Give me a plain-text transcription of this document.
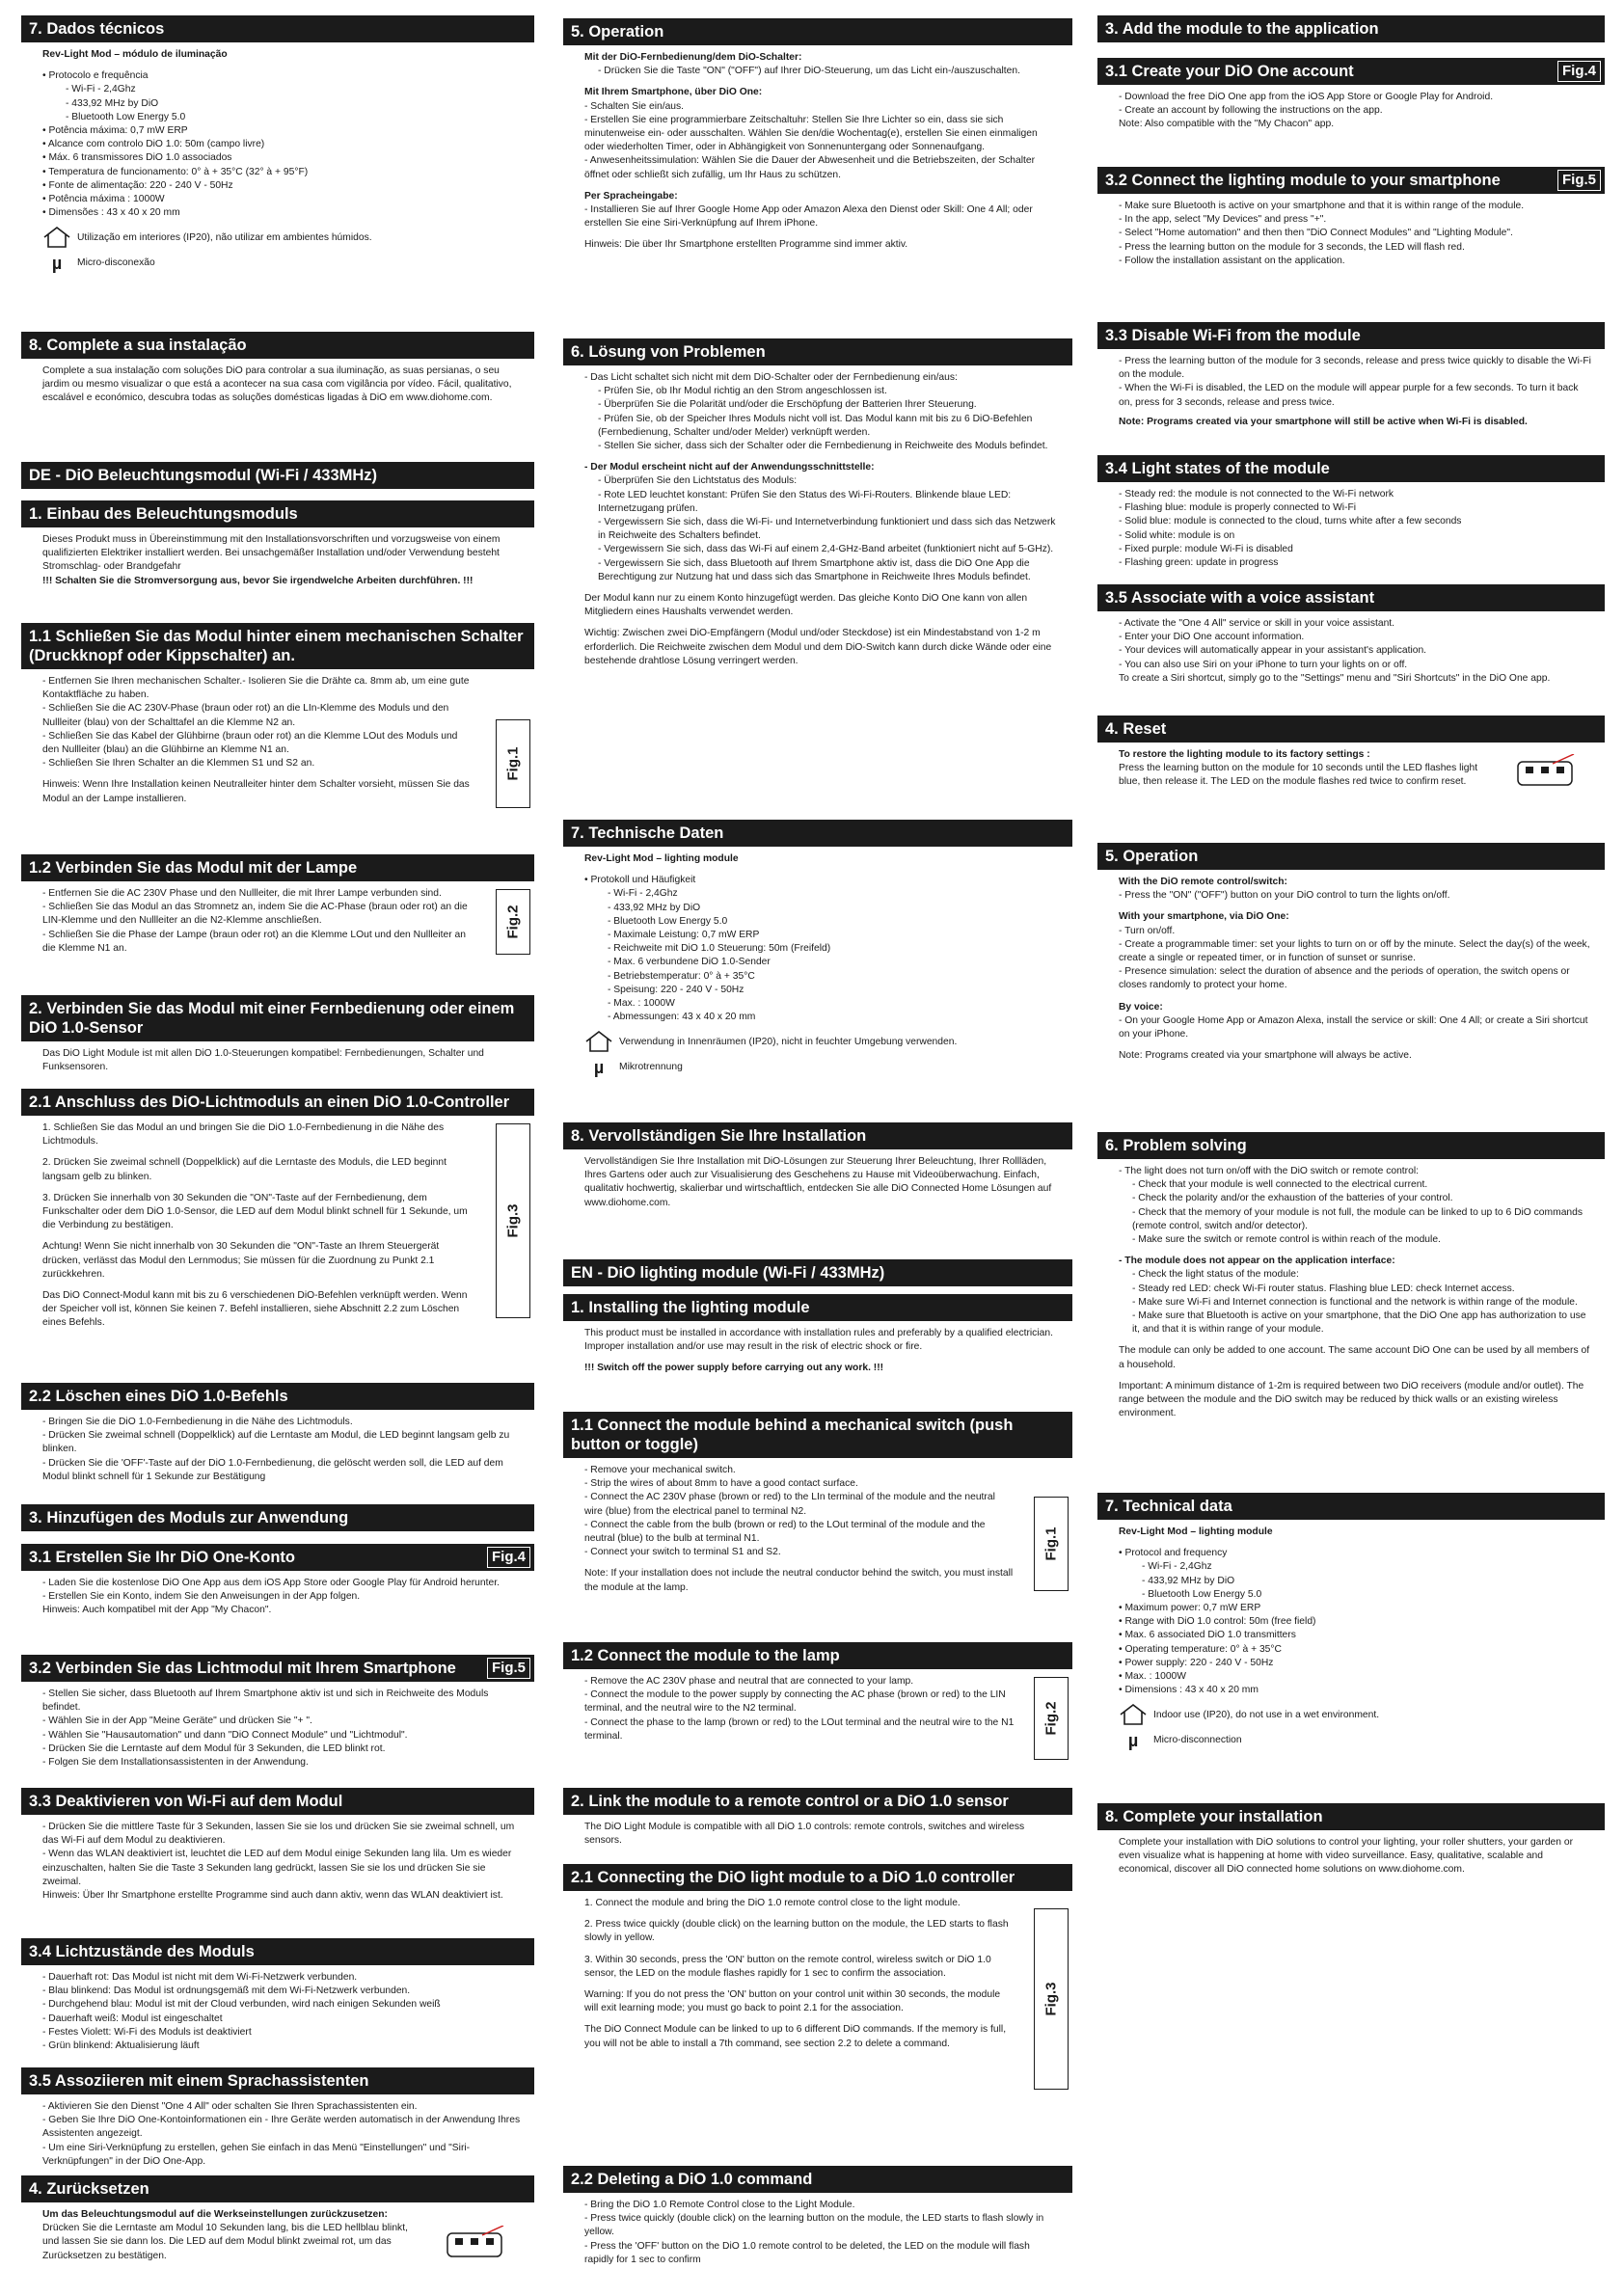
7. Dados técnicos

Rev-Light Mod – módulo de iluminação

• Protocolo e frequência
- Wi-Fi - 2,4Ghz
- 433,92 MHz by DiO
- Bluetooth Low Energy 5.0
• Potência máxima: 0,7 mW ERP
• Alcance com controlo DiO 1.0: 50m (campo livre)
• Máx. 6 transmissores DiO 1.0 associados
• Temperatura de funcionamento: 0° à + 35°C (32° à + 95°F)
• Fonte de alimentação: 220 - 240 V - 50Hz
• Potência máxima : 1000W
• Dimensões : 43 x 40 x 20 mm
Utilização em interiores (IP20), não utilizar em ambientes húmidos.
µ	Micro-disconexão
8. Complete a sua instalação

Complete a sua instalação com soluções DiO para controlar a sua iluminação, as suas persianas, o seu jardim ou mesmo visualizar o que está a acontecer na sua casa com vigilância por vídeo. Fácil, qualitativo, escalável e económico, descubra todas as soluções domésticas ligadas à DiO em www.diohome.com.

DE - DiO Beleuchtungsmodul (Wi-Fi / 433MHz)
1. Einbau des Beleuchtungsmoduls

Dieses Produkt muss in Übereinstimmung mit den Installationsvorschriften und vorzugsweise von einem qualifizierten Elektriker installiert werden. Bei unsachgemäßer Installation und/oder Verwendung besteht Stromschlag- oder Brandgefahr

!!! Schalten Sie die Stromversorgung aus, bevor Sie irgendwelche Arbeiten durchführen. !!!

1.1 Schließen Sie das Modul hinter einem mechanischen Schalter (Druckknopf oder Kippschalter) an.
- Entfernen Sie Ihren mechanischen Schalter.- Isolieren Sie die Drähte ca. 8mm ab, um eine gute Kontaktfläche zu haben.
- Schließen Sie die AC 230V-Phase (braun oder rot) an die LIn-Klemme des Moduls und den Nullleiter (blau) von der Schalttafel an die Klemme N2 an.
- Schließen Sie das Kabel der Glühbirne (braun oder rot) an die Klemme LOut des Moduls und den Nullleiter (blau) an die Glühbirne an Klemme N1 an.
- Schließen Sie Ihren Schalter an die Klemmen S1 und S2 an.

Hinweis: Wenn Ihre Installation keinen Neutralleiter hinter dem Schalter vorsieht, müssen Sie das Modul an der Lampe installieren.

Fig.1
1.2 Verbinden Sie das Modul mit der Lampe
- Entfernen Sie die AC 230V Phase und den Nullleiter, die mit Ihrer Lampe verbunden sind.
- Schließen Sie das Modul an das Stromnetz an, indem Sie die AC-Phase (braun oder rot) an die LIN-Klemme und den Nullleiter an die N2-Klemme anschließen.
- Schließen Sie die Phase der Lampe (braun oder rot) an die Klemme LOut und den Nullleiter an die Klemme N1 an.
Fig.2
2. Verbinden Sie das Modul mit einer Fernbedienung oder einem DiO 1.0-Sensor

Das DiO Light Module ist mit allen DiO 1.0-Steuerungen kompatibel: Fernbedienungen, Schalter und Funksensoren.

2.1 Anschluss des DiO-Lichtmoduls an einen DiO 1.0-Controller
1. Schließen Sie das Modul an und bringen Sie die DiO 1.0-Fernbedienung in die Nähe des Lichtmoduls.
2. Drücken Sie zweimal schnell (Doppelklick) auf die Lerntaste des Moduls, die LED beginnt langsam gelb zu blinken.
3. Drücken Sie innerhalb von 30 Sekunden die "ON"-Taste auf der Fernbedienung, dem Funkschalter oder dem DiO 1.0-Sensor, die LED auf dem Modul blinkt schnell für 1 Sekunde, um die Verbindung zu bestätigen.
Achtung! Wenn Sie nicht innerhalb von 30 Sekunden die "ON"-Taste an Ihrem Steuergerät drücken, verlässt das Modul den Lernmodus; Sie müssen für die Zuordnung zu Punkt 2.1 zurückkehren.
Das DiO Connect-Modul kann mit bis zu 6 verschiedenen DiO-Befehlen verknüpft werden. Wenn der Speicher voll ist, können Sie keinen 7. Befehl installieren, siehe Abschnitt 2.2 zum Löschen eines Befehls.
Fig.3
2.2 Löschen eines DiO 1.0-Befehls
- Bringen Sie die DiO 1.0-Fernbedienung in die Nähe des Lichtmoduls.
- Drücken Sie zweimal schnell (Doppelklick) auf die Lerntaste am Modul, die LED beginnt langsam gelb zu blinken.
- Drücken Sie die 'OFF'-Taste auf der DiO 1.0-Fernbedienung, die gelöscht werden soll, die LED auf dem Modul blinkt schnell für 1 Sekunde zur Bestätigung
3. Hinzufügen des Moduls zur Anwendung
3.1 Erstellen Sie Ihr DiO One-Konto	Fig.4
- Laden Sie die kostenlose DiO One App aus dem iOS App Store oder Google Play für Android herunter.
- Erstellen Sie ein Konto, indem Sie den Anweisungen in der App folgen.
Hinweis: Auch kompatibel mit der App "My Chacon".
3.2 Verbinden Sie das Lichtmodul mit Ihrem Smartphone	Fig.5
- Stellen Sie sicher, dass Bluetooth auf Ihrem Smartphone aktiv ist und sich in Reichweite des Moduls befindet.
- Wählen Sie in der App "Meine Geräte" und drücken Sie "+ ".
- Wählen Sie "Hausautomation" und dann "DiO Connect Module" und "Lichtmodul".
- Drücken Sie die Lerntaste auf dem Modul für 3 Sekunden, die LED blinkt rot.
- Folgen Sie dem Installationsassistenten in der Anwendung.
3.3 Deaktivieren von Wi-Fi auf dem Modul
- Drücken Sie die mittlere Taste für 3 Sekunden, lassen Sie sie los und drücken Sie sie zweimal schnell, um das Wi-Fi auf dem Modul zu deaktivieren.
- Wenn das WLAN deaktiviert ist, leuchtet die LED auf dem Modul einige Sekunden lang lila. Um es wieder einzuschalten, halten Sie die Taste 3 Sekunden lang gedrückt, lassen Sie sie los und drücken Sie sie zweimal.
Hinweis: Über Ihr Smartphone erstellte Programme sind auch dann aktiv, wenn das WLAN deaktiviert ist.
3.4 Lichtzustände des Moduls
- Dauerhaft rot: Das Modul ist nicht mit dem Wi-Fi-Netzwerk verbunden.
- Blau blinkend: Das Modul ist ordnungsgemäß mit dem Wi-Fi-Netzwerk verbunden.
- Durchgehend blau: Modul ist mit der Cloud verbunden, wird nach einigen Sekunden weiß
- Dauerhaft weiß: Modul ist eingeschaltet
- Festes Violett: Wi-Fi des Moduls ist deaktiviert
- Grün blinkend: Aktualisierung läuft
3.5 Assoziieren mit einem Sprachassistenten
- Aktivieren Sie den Dienst "One 4 All" oder schalten Sie Ihren Sprachassistenten ein.
- Geben Sie Ihre DiO One-Kontoinformationen ein - Ihre Geräte werden automatisch in der Anwendung Ihres Assistenten angezeigt.
- Um eine Siri-Verknüpfung zu erstellen, gehen Sie einfach in das Menü "Einstellungen" und "Siri-Verknüpfungen" in der DiO One-App.
4. Zurücksetzen

Um das Beleuchtungsmodul auf die Werkseinstellungen zurückzusetzen:

Drücken Sie die Lerntaste am Modul 10 Sekunden lang, bis die LED hellblau blinkt, und lassen Sie sie dann los. Die LED auf dem Modul blinkt zweimal rot, um das Zurücksetzen zu bestätigen.

5. Operation

Mit der DiO-Fernbedienung/dem DiO-Schalter:

- Drücken Sie die Taste "ON" ("OFF") auf Ihrer DiO-Steuerung, um das Licht ein-/auszuschalten.

Mit Ihrem Smartphone, über DiO One:

- Schalten Sie ein/aus.
- Erstellen Sie eine programmierbare Zeitschaltuhr: Stellen Sie Ihre Lichter so ein, dass sie sich minutenweise ein- oder ausschalten. Wählen Sie den/die Wochentag(e), erstellen Sie einen einmaligen oder wiederholten Timer, oder in Abhängigkeit von Sonnenuntergang oder Sonnenaufgang.
- Anwesenheitssimulation: Wählen Sie die Dauer der Abwesenheit und die Betriebszeiten, der Schalter öffnet oder schließt sich zufällig, um Ihr Haus zu schützen.

Per Spracheingabe:

- Installieren Sie auf Ihrer Google Home App oder Amazon Alexa den Dienst oder Skill: One 4 All; oder erstellen Sie eine Siri-Verknüpfung auf Ihrem iPhone.

Hinweis: Die über Ihr Smartphone erstellten Programme sind immer aktiv.

6. Lösung von Problemen

- Das Licht schaltet sich nicht mit dem DiO-Schalter oder der Fernbedienung ein/aus:

- Prüfen Sie, ob Ihr Modul richtig an den Strom angeschlossen ist.
- Überprüfen Sie die Polarität und/oder die Erschöpfung der Batterien Ihrer Steuerung.
- Prüfen Sie, ob der Speicher Ihres Moduls nicht voll ist. Das Modul kann mit bis zu 6 DiO-Befehlen (Fernbedienung, Schalter und/oder Melder) verknüpft werden.
- Stellen Sie sicher, dass sich der Schalter oder die Fernbedienung in Reichweite des Moduls befindet.

- Der Modul erscheint nicht auf der Anwendungsschnittstelle:

- Überprüfen Sie den Lichtstatus des Moduls:
- Rote LED leuchtet konstant: Prüfen Sie den Status des Wi-Fi-Routers. Blinkende blaue LED: Internetzugang prüfen.
- Vergewissern Sie sich, dass die Wi-Fi- und Internetverbindung funktioniert und dass sich das Netzwerk in Reichweite des Schalters befindet.
- Vergewissern Sie sich, dass das Wi-Fi auf einem 2,4-GHz-Band arbeitet (funktioniert nicht auf 5-GHz).
- Vergewissern Sie sich, dass Bluetooth auf Ihrem Smartphone aktiv ist, dass die DiO One App die Berechtigung zur Nutzung hat und dass sich das Smartphone in Reichweite Ihres Moduls befindet.

Der Modul kann nur zu einem Konto hinzugefügt werden. Das gleiche Konto DiO One kann von allen Mitgliedern eines Haushalts verwendet werden.

Wichtig: Zwischen zwei DiO-Empfängern (Modul und/oder Steckdose) ist ein Mindestabstand von 1-2 m erforderlich. Die Reichweite zwischen dem Modul und dem DiO-Switch kann durch dicke Wände oder eine bestehende drahtlose Lösung verringert werden.

7. Technische Daten

Rev-Light Mod – lighting module

• Protokoll und Häufigkeit
- Wi-Fi - 2,4Ghz
- 433,92 MHz by DiO
- Bluetooth Low Energy 5.0
- Maximale Leistung: 0,7 mW ERP
- Reichweite mit DiO 1.0 Steuerung: 50m (Freifeld)
- Max. 6 verbundene DiO 1.0-Sender
- Betriebstemperatur: 0° à + 35°C
- Speisung: 220 - 240 V - 50Hz
- Max. : 1000W
- Abmessungen: 43 x 40 x 20 mm
Verwendung in Innenräumen (IP20), nicht in feuchter Umgebung verwenden.
µ	Mikrotrennung
8. Vervollständigen Sie Ihre Installation

Vervollständigen Sie Ihre Installation mit DiO-Lösungen zur Steuerung Ihrer Beleuchtung, Ihrer Rollläden, Ihres Gartens oder auch zur Visualisierung des Geschehens zu Hause mit Videoüberwachung. Einfach, qualitativ hochwertig, skalierbar und wirtschaftlich, entdecken Sie alle DiO Connected Home Lösungen auf www.diohome.com.

EN - DiO lighting module (Wi-Fi / 433MHz)
1. Installing the lighting module

This product must be installed in accordance with installation rules and preferably by a qualified electrician. Improper installation and/or use may result in the risk of electric shock or fire.

!!! Switch off the power supply before carrying out any work. !!!

1.1 Connect the module behind a mechanical switch (push button or toggle)
- Remove your mechanical switch.
- Strip the wires of about 8mm to have a good contact surface.
- Connect the AC 230V phase (brown or red) to the LIn terminal of the module and the neutral wire (blue) from the electrical panel to terminal N2.
- Connect the cable from the bulb (brown or red) to the LOut terminal of the module and the neutral (blue) to the bulb at terminal N1.
- Connect your switch to terminal S1 and S2.

Note: If your installation does not include the neutral conductor behind the switch, you must install the module at the lamp.

Fig.1
1.2 Connect the module to the lamp
- Remove the AC 230V phase and neutral that are connected to your lamp.
- Connect the module to the power supply by connecting the AC phase (brown or red) to the LIN terminal, and the neutral wire to the N2 terminal.
- Connect the phase to the lamp (brown or red) to the LOut terminal and the neutral wire to the N1 terminal.
Fig.2
2. Link the module to a remote control or a DiO 1.0 sensor

The DiO Light Module is compatible with all DiO 1.0 controls: remote controls, switches and wireless sensors.

2.1 Connecting the DiO light module to a DiO 1.0 controller
1. Connect the module and bring the DiO 1.0 remote control close to the light module.
2. Press twice quickly (double click) on the learning button on the module, the LED starts to flash slowly in yellow.
3. Within 30 seconds, press the 'ON' button on the remote control, wireless switch or DiO 1.0 sensor, the LED on the module flashes rapidly for 1 sec to confirm the association.
Warning: If you do not press the 'ON' button on your control unit within 30 seconds, the module will exit learning mode; you must go back to point 2.1 for the association.
The DiO Connect Module can be linked to up to 6 different DiO commands. If the memory is full, you will not be able to install a 7th command, see section 2.2 to delete a command.
Fig.3
2.2 Deleting a DiO 1.0 command
- Bring the DiO 1.0 Remote Control close to the Light Module.
- Press twice quickly (double click) on the learning button on the module, the LED starts to flash slowly in yellow.
- Press the 'OFF' button on the DiO 1.0 remote control to be deleted, the LED on the module will flash rapidly for 1 sec to confirm
3. Add the module to the application
3.1 Create your DiO One account	Fig.4
- Download the free DiO One app from the iOS App Store or Google Play for Android.
- Create an account by following the instructions on the app.
Note: Also compatible with the "My Chacon" app.
3.2 Connect the lighting module to your smartphone	Fig.5
- Make sure Bluetooth is active on your smartphone and that it is within range of the module.
- In the app, select "My Devices" and press "+".
- Select "Home automation" and then then "DiO Connect Modules" and "Lighting Module".
- Press the learning button on the module for 3 seconds, the LED will flash red.
- Follow the installation assistant on the application.
3.3 Disable Wi-Fi from the module
- Press the learning button of the module for 3 seconds, release and press twice quickly to disable the Wi-Fi on the module.
- When the Wi-Fi is disabled, the LED on the module will appear purple for a few seconds. To turn it back on, press for 3 seconds, release and press twice.

Note: Programs created via your smartphone will still be active when Wi-Fi is disabled.

3.4 Light states of the module
- Steady red: the module is not connected to the Wi-Fi network
- Flashing blue: module is properly connected to Wi-Fi
- Solid blue: module is connected to the cloud, turns white after a few seconds
- Solid white: module is on
- Fixed purple: module Wi-Fi is disabled
- Flashing green: update in progress
3.5 Associate with a voice assistant
- Activate the "One 4 All" service or skill in your voice assistant.
- Enter your DiO One account information.
- Your devices will automatically appear in your assistant's application.
- You can also use Siri on your iPhone to turn your lights on or off.
To create a Siri shortcut, simply go to the "Settings" menu and "Siri Shortcuts" in the DiO One app.
4. Reset

To restore the lighting module to its factory settings :

Press the learning button on the module for 10 seconds until the LED flashes light blue, then release it. The LED on the module flashes red twice to confirm reset.

5. Operation

With the DiO remote control/switch:

- Press the "ON" ("OFF") button on your DiO control to turn the lights on/off.

With your smartphone, via DiO One:

- Turn on/off.
- Create a programmable timer: set your lights to turn on or off by the minute. Select the day(s) of the week, create a single or repeated timer, or in function of sunset or sunrise.
- Presence simulation: select the duration of absence and the periods of operation, the switch opens or closes randomly to protect your home.

By voice:

- On your Google Home App or Amazon Alexa, install the service or skill: One 4 All; or create a Siri shortcut on your iPhone.

Note: Programs created via your smartphone will always be active.

6. Problem solving

- The light does not turn on/off with the DiO switch or remote control:

- Check that your module is well connected to the electrical current.
- Check the polarity and/or the exhaustion of the batteries of your control.
- Check that the memory of your module is not full, the module can be linked to up to 6 DiO commands (remote control, switch and/or detector).
- Make sure the switch or remote control is within reach of the module.

- The module does not appear on the application interface:

- Check the light status of the module:
- Steady red LED: check Wi-Fi router status. Flashing blue LED: check Internet access.
- Make sure Wi-Fi and Internet connection is functional and the network is within range of the module.
- Make sure that Bluetooth is active on your smartphone, that the DiO One app has authorization to use it, and that it is within range of your module.

The module can only be added to one account. The same account DiO One can be used by all members of a household.

Important: A minimum distance of 1-2m is required between two DiO receivers (module and/or outlet). The range between the module and the DiO switch may be reduced by thick walls or an existing wireless environment.

7. Technical data

Rev-Light Mod – lighting module

• Protocol and frequency
- Wi-Fi - 2,4Ghz
- 433,92 MHz by DiO
- Bluetooth Low Energy 5.0
• Maximum power: 0,7 mW ERP
• Range with DiO 1.0 control: 50m (free field)
• Max. 6 associated DiO 1.0 transmitters
• Operating temperature: 0° à + 35°C
• Power supply: 220 - 240 V - 50Hz
• Max. : 1000W
• Dimensions : 43 x 40 x 20 mm
Indoor use (IP20), do not use in a wet environment.
µ	Micro-disconnection
8. Complete your installation

Complete your installation with DiO solutions to control your lighting, your roller shutters, your garden or even visualize what is happening at home with video surveillance. Easy, qualitative, scalable and economical, discover all DiO connected home solutions on www.diohome.com.
